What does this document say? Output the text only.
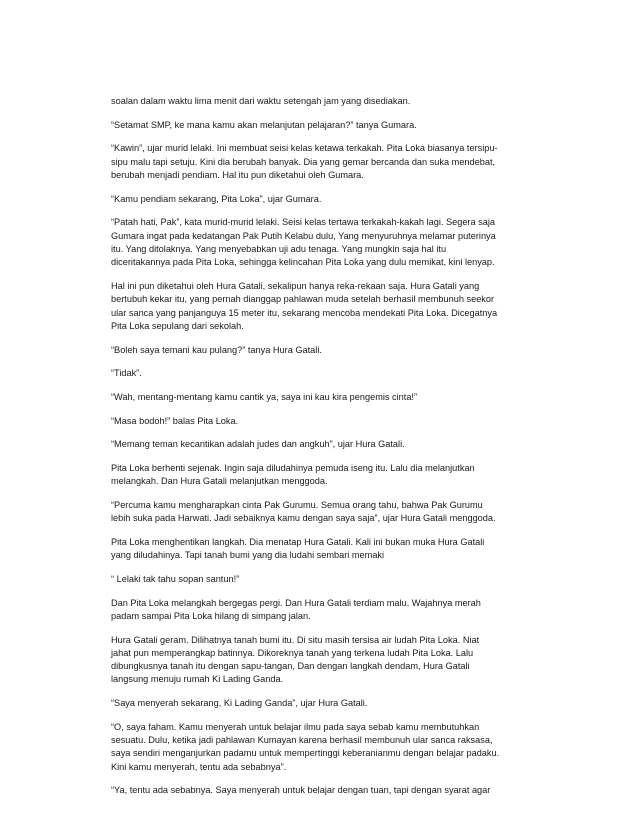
soalan dalam waktu lima menit dari waktu setengah jam yang disediakan.

“Setamat SMP, ke mana kamu akan melanjutan pelajaran?” tanya Gumara.

“Kawin”, ujar murid lelaki. Ini membuat seisi kelas ketawa terkakah. Pita Loka biasanya tersipu-
sipu malu tapi setuju. Kini dia berubah banyak. Dia yang gemar bercanda dan suka mendebat,
berubah menjadi pendiam. Hal itu pun diketahui oleh Gumara.

“Kamu pendiam sekarang, Pita Loka”, ujar Gumara.

“Patah hati, Pak”, kata murid-murid lelaki. Seisi kelas tertawa terkakah-kakah lagi. Segera saja
Gumara ingat pada kedatangan Pak Putih Kelabu dulu, Yang menyuruhnya melamar puterinya
itu. Yang ditolaknya. Yang menyebabkan uji adu tenaga. Yang mungkin saja hal itu
diceritakannya pada Pita Loka, sehingga kelincahan Pita Loka yang dulu memikat, kini lenyap.

Hal ini pun diketahui oleh Hura Gatali, sekalipun hanya reka-rekaan saja. Hura Gatali yang
bertubuh kekar itu, yang pernah dianggap pahlawan muda setelah berhasil membunuh seekor
ular sanca yang panjanguya 15 meter itu, sekarang mencoba mendekati Pita Loka. Dicegatnya
Pita Loka sepulang dari sekolah.

“Boleh saya temani kau pulang?” tanya Hura Gatali.

“Tidak”.

“Wah, mentang-mentang kamu cantik ya, saya ini kau kira pengemis cinta!”

“Masa bodoh!” balas Pita Loka.

“Memang teman kecantikan adalah judes dan angkuh”, ujar Hura Gatali.

Pita Loka berhenti sejenak. Ingin saja diludahinya pemuda iseng itu. Lalu dia melanjutkan
melangkah. Dan Hura Gatali melanjutkan menggoda.

“Percuma kamu mengharapkan cinta Pak Gurumu. Semua orang tahu, bahwa Pak Gurumu
lebih suka pada Harwati. Jadi sebaiknya kamu dengan saya saja”, ujar Hura Gatali menggoda.

Pita Loka menghentikan langkah. Dia menatap Hura Gatali. Kali ini bukan muka Hura Gatali
yang diludahinya. Tapi tanah bumi yang dia ludahi sembari memaki

“ Lelaki tak tahu sopan santun!”

Dan Pita Loka melangkah bergegas pergi. Dan Hura Gatali terdiam malu. Wajahnya merah
padam sampai Pita Loka hilang di simpang jalan.

Hura Gatali geram. Dilihatnya tanah bumi itu. Di situ masih tersisa air ludah Pita Loka. Niat
jahat pun memperangkap batinnya. Dikoreknya tanah yang terkena ludah Pita Loka. Lalu
dibungkusnya tanah itu dengan sapu-tangan, Dan dengan langkah dendam, Hura Gatali
langsung menuju rumah Ki Lading Ganda.

“Saya menyerah sekarang, Ki Lading Ganda”, ujar Hura Gatali.

“O, saya faham. Kamu menyerah untuk belajar ilmu pada saya sebab kamu membutuhkan
sesuatu. Dulu, ketika jadi pahlawan Kumayan karena berhasil membunuh ular sanca raksasa,
saya sendiri menganjurkan padamu untuk mempertinggi keberanianmu dengan belajar padaku.
Kini kamu menyerah, tentu ada sebabnya”.

“Ya, tentu ada sebabnya. Saya menyerah untuk belajar dengan tuan, tapi dengan syarat agar
